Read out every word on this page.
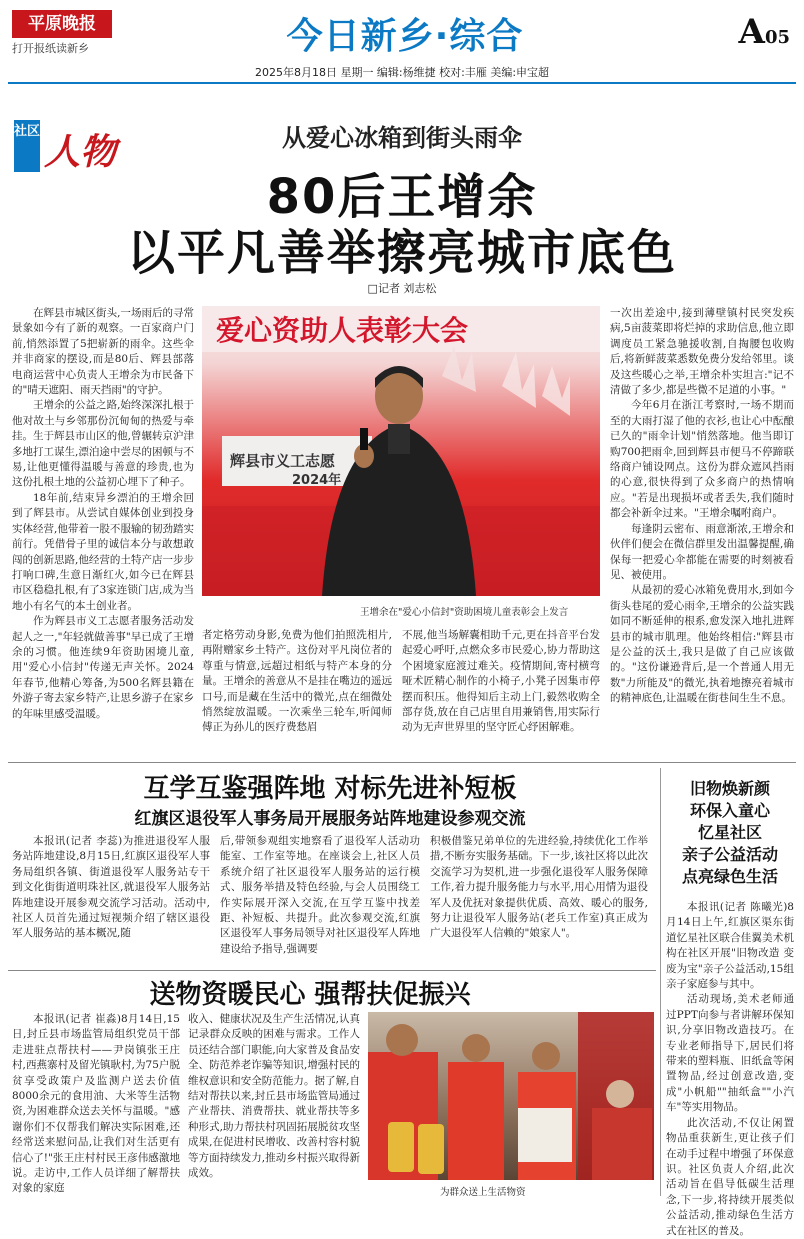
平原晚报
打开报纸读新乡	今日新乡·综合	A05
2025年8月18日 星期一 编辑:杨维捷 校对:丰雁 美编:申宝超
社区 人物	从爱心冰箱到街头雨伞
80后王增余
以平凡善举擦亮城市底色
□记者 刘志松

在辉县市城区街头,一场雨后的寻常景象如今有了新的观察。一百家商户门前,悄然添置了5把崭新的雨伞。这些伞并非商家的摆设,而是80后、辉县部落电商运营中心负责人王增余为市民备下的"晴天遮阳、雨天挡雨"的守护。

王增余的公益之路,始终深深扎根于他对故土与乡邻那份沉甸甸的热爱与牵挂。生于辉县市山区的他,曾辗转京沪津多地打工谋生,漂泊途中尝尽的困顿与不易,让他更懂得温暖与善意的珍贵,也为这份扎根土地的公益初心埋下了种子。

18年前,结束异乡漂泊的王增余回到了辉县市。从尝试自媒体创业到投身实体经营,他带着一股不服输的韧劲踏实前行。凭借骨子里的诚信本分与敢想敢闯的创新思路,他经营的土特产店一步步打响口碑,生意日渐红火,如今已在辉县市区稳稳扎根,有了3家连锁门店,成为当地小有名气的本土创业者。

作为辉县市义工志愿者服务活动发起人之一,"年轻就做善事"早已成了王增余的习惯。他连续9年资助困境儿童,用"爱心小信封"传递无声关怀。2024年春节,他精心筹备,为500名辉县籍在外游子寄去家乡特产,让思乡游子在家乡的年味里感受温暖。

爱心资助人表彰大会
辉县市义工志愿
2024年
王增余在"爱心小信封"资助困境儿童表彰会上发言

者定格劳动身影,免费为他们拍照洗相片,再附赠家乡土特产。这份对平凡岗位者的尊重与情意,远超过相纸与特产本身的分量。王增余的善意从不是挂在嘴边的遥远口号,而是藏在生活中的微光,点在细微处悄然绽放温暖。一次乘坐三轮车,听闻师傅正为孙儿的医疗费愁眉

不展,他当场解囊相助千元,更在抖音平台发起爱心呼吁,点燃众多市民爱心,协力帮助这个困境家庭渡过难关。疫情期间,寄村横弯哑术匠精心制作的小椅子,小凳子因集市停摆而积压。他得知后主动上门,毅然收购全部存货,放在自己店里自用兼销售,用实际行动为无声世界里的坚守匠心纾困解难。

一次出差途中,接到薄壁镇村民突发疾病,5亩菠菜即将烂掉的求助信息,他立即调度员工紧急驰援收割,自掏腰包收购后,将新鲜菠菜悉数免费分发给邻里。谈及这些暖心之举,王增余朴实坦言:"记不清做了多少,都是些微不足道的小事。"

今年6月在浙江考察时,一场不期而至的大雨打湿了他的衣衫,也让心中酝酿已久的"雨伞计划"悄然落地。他当即订购700把雨伞,回到辉县市便马不停蹄联络商户铺设网点。这份为群众遮风挡雨的心意,很快得到了众多商户的热情响应。"若是出现损坏或者丢失,我们随时都会补新伞过来。"王增余嘱咐商户。

每逢阴云密布、雨意渐浓,王增余和伙伴们便会在微信群里发出温馨提醒,确保每一把爱心伞都能在需要的时刻被看见、被使用。

从最初的爱心冰箱免费用水,到如今街头巷尾的爱心雨伞,王增余的公益实践如同不断延伸的根系,愈发深入地扎进辉县市的城市肌理。他始终相信:"辉县市是公益的沃土,我只是做了自己应该做的。"这份谦逊背后,是一个普通人用无数"力所能及"的微光,执着地擦亮着城市的精神底色,让温暖在街巷间生生不息。

互学互鉴强阵地 对标先进补短板
红旗区退役军人事务局开展服务站阵地建设参观交流

本报讯(记者 李蕊)为推进退役军人服务站阵地建设,8月15日,红旗区退役军人事务局组织各镇、街道退役军人服务站专干到文化街街道明珠社区,就退役军人服务站阵地建设开展参观交流学习活动。活动中,社区人员首先通过短视频介绍了辖区退役军人服务站的基本概况,随

后,带领参观组实地察看了退役军人活动功能室、工作室等地。在座谈会上,社区人员系统介绍了社区退役军人服务站的运行模式、服务举措及特色经验,与会人员围绕工作实际展开深入交流,在互学互鉴中找差距、补短板、共提升。此次参观交流,红旗区退役军人事务局领导对社区退役军人阵地建设给予指导,强调要

积极借鉴兄弟单位的先进经验,持续优化工作举措,不断夯实服务基础。下一步,该社区将以此次交流学习为契机,进一步强化退役军人服务保障工作,着力提升服务能力与水平,用心用情为退役军人及优抚对象提供优质、高效、暖心的服务,努力让退役军人服务站(老兵工作室)真正成为广大退役军人信赖的"娘家人"。

送物资暖民心 强帮扶促振兴

本报讯(记者 崔淼)8月14日,15日,封丘县市场监管局组织党员干部走进驻点帮扶村——尹岗镇张王庄村,西燕寨村及留光镇耿村,为75户脱贫享受政策户及监测户送去价值8000余元的食用油、大米等生活物资,为困难群众送去关怀与温暖。"感谢你们不仅帮我们解决实际困难,还经常送来慰问品,让我们对生活更有信心了!"张王庄村村民王彦伟感激地说。走访中,工作人员详细了解帮扶对象的家庭

收入、健康状况及生产生活情况,认真记录群众反映的困难与需求。工作人员还结合部门职能,向大家普及食品安全、防范养老诈骗等知识,增强村民的维权意识和安全防范能力。据了解,自结对帮扶以来,封丘县市场监管局通过产业帮扶、消费帮扶、就业帮扶等多种形式,助力帮扶村巩固拓展脱贫攻坚成果,在促进村民增收、改善村容村貌等方面持续发力,推动乡村振兴取得新成效。

为群众送上生活物资
旧物焕新颜
环保入童心
忆星社区
亲子公益活动
点亮绿色生活

本报讯(记者 陈曦光)8月14日上午,红旗区渠东街道忆星社区联合佳翼美术机构在社区开展"旧物改造 变废为宝"亲子公益活动,15组亲子家庭参与其中。

活动现场,美术老师通过PPT向参与者讲解环保知识,分享旧物改造技巧。在专业老师指导下,居民们将带来的塑料瓶、旧纸盒等闲置物品,经过创意改造,变成"小帆船""抽纸盒""小汽车"等实用物品。

此次活动,不仅让闲置物品重获新生,更让孩子们在动手过程中增强了环保意识。社区负责人介绍,此次活动旨在倡导低碳生活理念,下一步,将持续开展类似公益活动,推动绿色生活方式在社区的普及。
